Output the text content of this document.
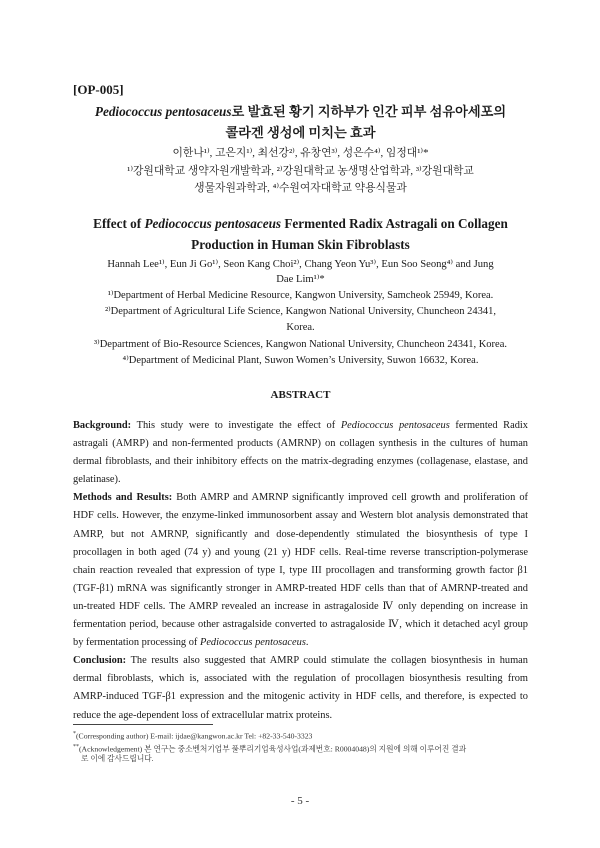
[OP-005]
Pediococcus pentosaceus로 발효된 황기 지하부가 인간 피부 섬유아세포의
콜라겐 생성에 미치는 효과
이한나¹⁾, 고은지¹⁾, 최선강²⁾, 유창연³⁾, 성은수⁴⁾, 임정대¹⁾*
¹⁾강원대학교 생약자원개발학과, ²⁾강원대학교 농생명산업학과, ³⁾강원대학교
생물자원과학과, ⁴⁾수원여자대학교 약용식물과
Effect of Pediococcus pentosaceus Fermented Radix Astragali on Collagen
Production in Human Skin Fibroblasts
Hannah Lee¹⁾, Eun Ji Go¹⁾, Seon Kang Choi²⁾, Chang Yeon Yu³⁾, Eun Soo Seong⁴⁾ and Jung
Dae Lim¹⁾*
¹⁾Department of Herbal Medicine Resource, Kangwon University, Samcheok 25949, Korea.
²⁾Department of Agricultural Life Science, Kangwon National University, Chuncheon 24341,
Korea.
³⁾Department of Bio-Resource Sciences, Kangwon National University, Chuncheon 24341, Korea.
⁴⁾Department of Medicinal Plant, Suwon Women’s University, Suwon 16632, Korea.
ABSTRACT
Background: This study were to investigate the effect of Pediococcus pentosaceus fermented Radix astragali (AMRP) and non-fermented products (AMRNP) on collagen synthesis in the cultures of human dermal fibroblasts, and their inhibitory effects on the matrix-degrading enzymes (collagenase, elastase, and gelatinase).
Methods and Results: Both AMRP and AMRNP significantly improved cell growth and proliferation of HDF cells. However, the enzyme-linked immunosorbent assay and Western blot analysis demonstrated that AMRP, but not AMRNP, significantly and dose-dependently stimulated the biosynthesis of type I procollagen in both aged (74 y) and young (21 y) HDF cells. Real-time reverse transcription-polymerase chain reaction revealed that expression of type I, type III procollagen and transforming growth factor β1 (TGF-β1) mRNA was significantly stronger in AMRP-treated HDF cells than that of AMRNP-treated and un-treated HDF cells. The AMRP revealed an increase in astragaloside Ⅳ only depending on increase in fermentation period, because other astragalside converted to astragaloside Ⅳ, which it detached acyl group by fermentation processing of Pediococcus pentosaceus.
Conclusion: The results also suggested that AMRP could stimulate the collagen biosynthesis in human dermal fibroblasts, which is, associated with the regulation of procollagen biosynthesis resulting from AMRP-induced TGF-β1 expression and the mitogenic activity in HDF cells, and therefore, is expected to reduce the age-dependent loss of extracellular matrix proteins.
*(Corresponding author) E-mail: ijdae@kangwon.ac.kr Tel: +82-33-540-3323
**(Acknowledgement) 본 연구는 중소벤처기업부 풀뿌리기업육성사업(과제번호: R0004048)의 지원에 의해 이루어진 결과
로 이에 감사드립니다.
- 5 -
